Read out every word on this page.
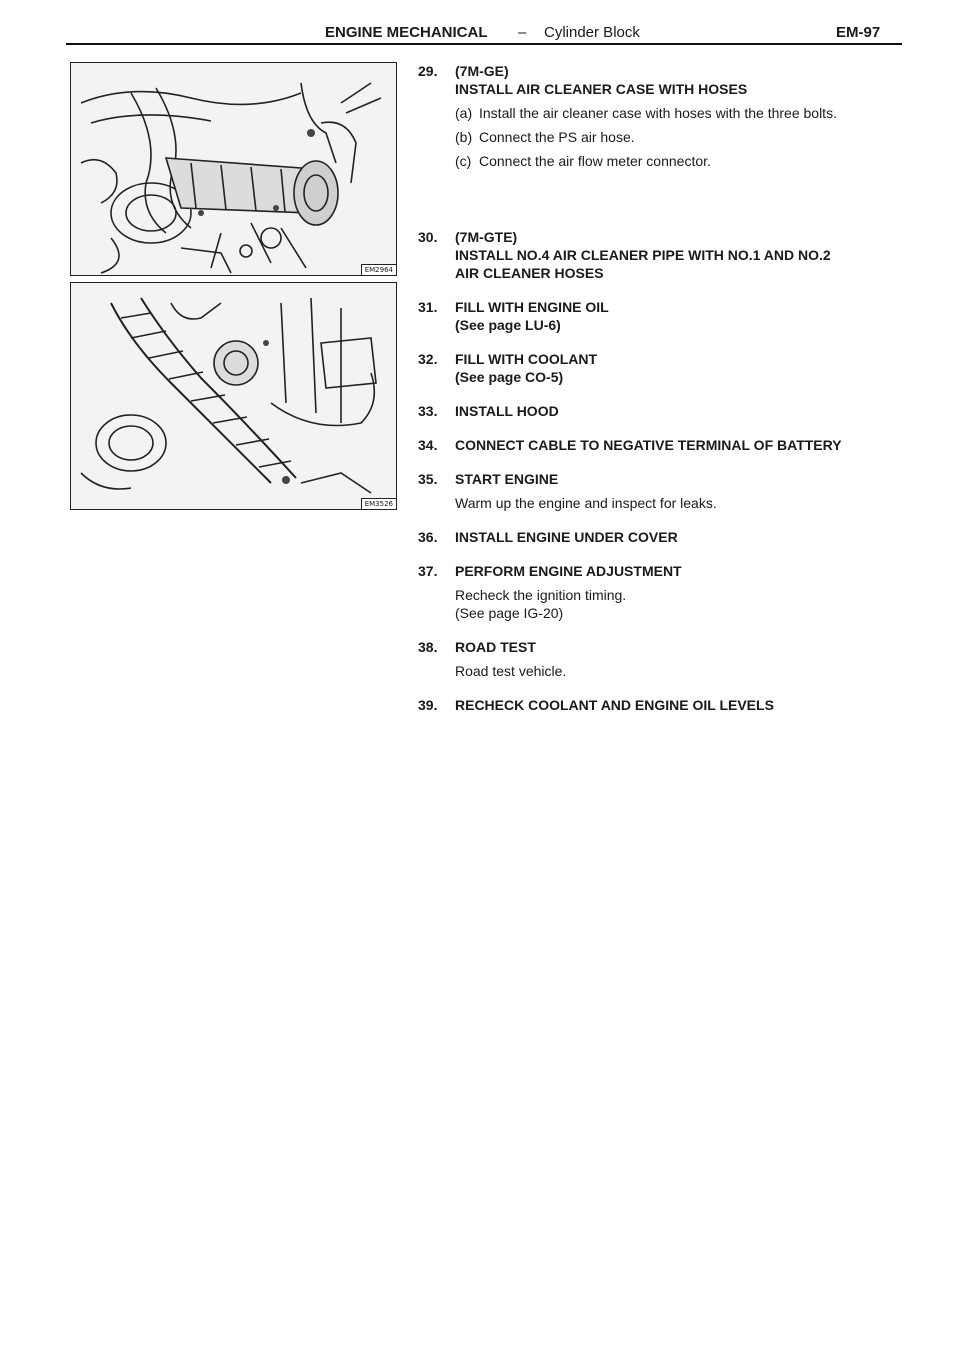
ENGINE MECHANICAL – Cylinder Block	EM-97
EM2964
EM3526
29. (7M-GE)
INSTALL AIR CLEANER CASE WITH HOSES
(a) Install the air cleaner case with hoses with the three bolts.
(b) Connect the PS air hose.
(c) Connect the air flow meter connector.
30. (7M-GTE)
INSTALL NO.4 AIR CLEANER PIPE WITH NO.1 AND NO.2
AIR CLEANER HOSES
31. FILL WITH ENGINE OIL
(See page LU-6)
32. FILL WITH COOLANT
(See page CO-5)
33. INSTALL HOOD
34. CONNECT CABLE TO NEGATIVE TERMINAL OF BATTERY
35. START ENGINE
Warm up the engine and inspect for leaks.
36. INSTALL ENGINE UNDER COVER
37. PERFORM ENGINE ADJUSTMENT
Recheck the ignition timing.
(See page IG-20)
38. ROAD TEST
Road test vehicle.
39. RECHECK COOLANT AND ENGINE OIL LEVELS
